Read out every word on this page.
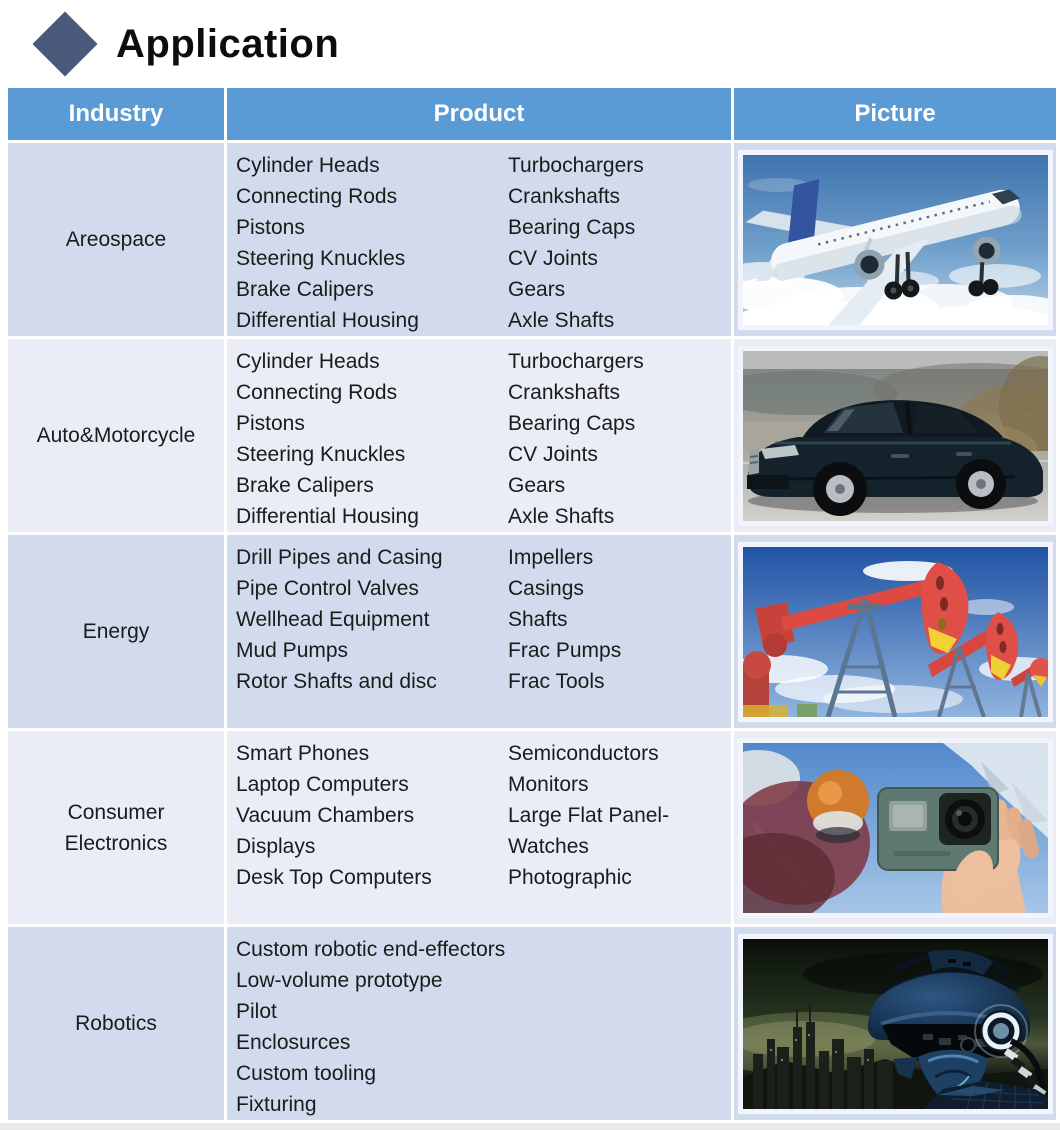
Application
Industry	Product	Picture
Areospace
Cylinder Heads
Connecting Rods
Pistons
Steering Knuckles
Brake Calipers
Differential Housing
Turbochargers
Crankshafts
Bearing Caps
CV Joints
Gears
Axle Shafts
Auto&Motorcycle
Cylinder Heads
Connecting Rods
Pistons
Steering Knuckles
Brake Calipers
Differential Housing
Turbochargers
Crankshafts
Bearing Caps
CV Joints
Gears
Axle Shafts
Energy
Drill Pipes and Casing
Pipe Control Valves
Wellhead Equipment
Mud Pumps
Rotor Shafts and disc
Impellers
Casings
Shafts
Frac Pumps
Frac Tools
Consumer Electronics
Smart Phones
Laptop Computers
Vacuum Chambers
Displays
Desk Top Computers
Semiconductors
Monitors
Large Flat Panel-
Watches
Photographic
Robotics
Custom robotic end-effectors
Low-volume prototype
Pilot
Enclosurces
Custom tooling
Fixturing
